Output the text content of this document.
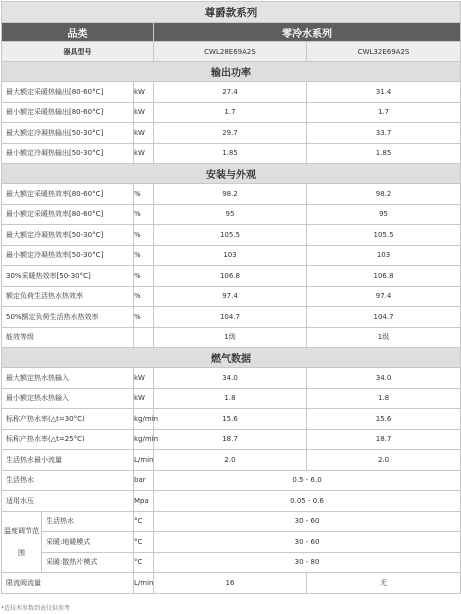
尊爵款系列				
品类			零冷水系列	
器具型号			CWL28E69A2S	CWL32E69A2S
输出功率				
最大额定采暖热输出[80-60°C]		kW	27.4	31.4
最小额定采暖热输出[80-60°C]		kW	1.7	1.7
最大额定冷凝热输出[50-30°C]		kW	29.7	33.7
最小额定冷凝热输出[50-30°C]		kW	1.85	1.85
安装与外观				
最大额定采暖热效率[80-60°C]		%	98.2	98.2
最小额定采暖热效率[80-60°C]		%	95	95
最大额定冷凝热效率[50-30°C]		%	105.5	105.5
最小额定冷凝热效率[50-30°C]		%	103	103
30%采暖热效率[50-30°C]		%	106.8	106.8
额定负荷生活热水热效率		%	97.4	97.4
50%额定负荷生活热水热效率		%	104.7	104.7
能效等级			1级	1级
燃气数据				
最大额定热水热输入		kW	34.0	34.0
最小额定热水热输入		kW	1.8	1.8
标称产热水率(△t=30°C)		kg/min	15.6	15.6
标称产热水率(△t=25°C)		kg/min	18.7	18.7
生活热水最小流量		L/min	2.0	2.0
生活热水		bar	0.5 - 6.0	
适用水压		Mpa	0.05 - 0.6	
温度调节范围	生活热水	°C	30 - 60	
	采暖:地暖模式	°C	30 - 60	
	采暖:散热片模式	°C	30 - 80	
限流阀流量		L/min	16	无
*适技术参数到表仅供参考
